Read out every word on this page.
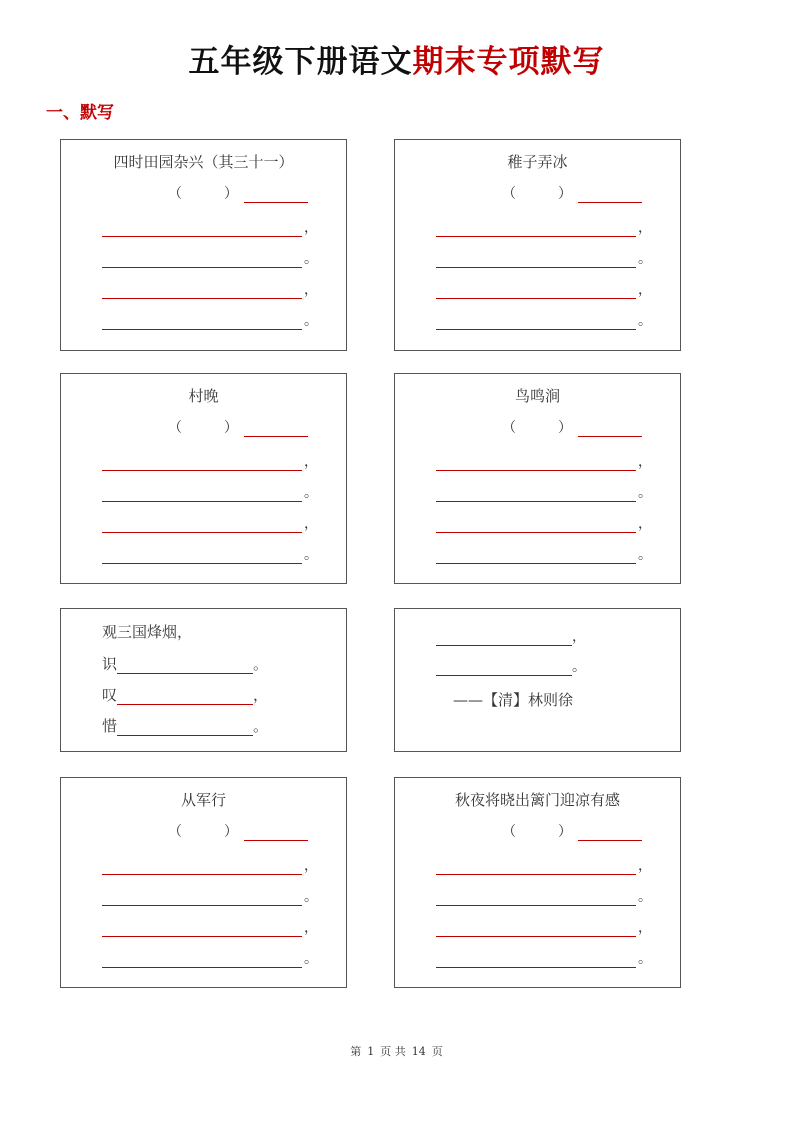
五年级下册语文期末专项默写
一、默写
四时田园杂兴（其三十一）
（	）
，
。
，
。
稚子弄冰
（	）
，
。
，
。
村晚
（	）
，
。
，
。
鸟鸣涧
（	）
，
。
，
。
观三国烽烟，
识	。
叹	，
惜	。
，
。
——【清】林则徐
从军行
（	）
，
。
，
。
秋夜将晓出篱门迎凉有感
（	）
，
。
，
。
第 1 页 共 14 页
